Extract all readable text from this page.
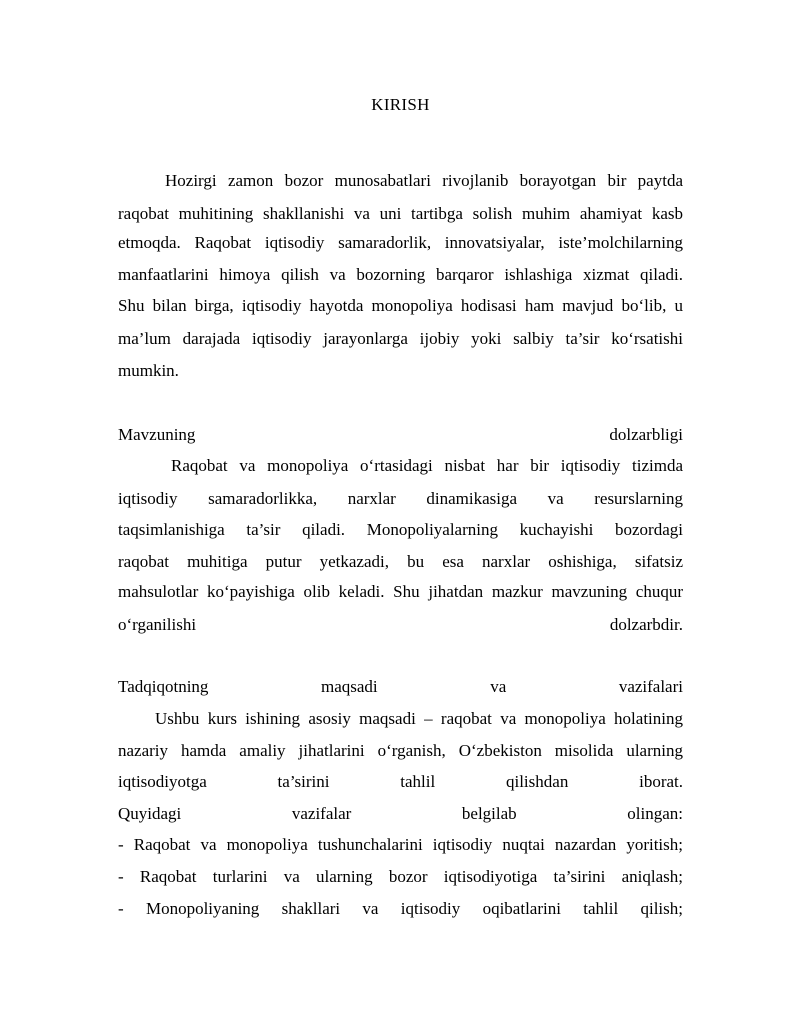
KIRISH
Hozirgi zamon bozor munosabatlari rivojlanib borayotgan bir paytda
raqobat muhitining shakllanishi va uni tartibga solish muhim ahamiyat kasb
etmoqda. Raqobat iqtisodiy samaradorlik, innovatsiyalar, iste’molchilarning
manfaatlarini himoya qilish va bozorning barqaror ishlashiga xizmat qiladi.
Shu bilan birga, iqtisodiy hayotda monopoliya hodisasi ham mavjud bo‘lib, u
ma’lum darajada iqtisodiy jarayonlarga ijobiy yoki salbiy ta’sir ko‘rsatishi
mumkin.
Mavzuning dolzarbligi
Raqobat va monopoliya o‘rtasidagi nisbat har bir iqtisodiy tizimda
iqtisodiy samaradorlikka, narxlar dinamikasiga va resurslarning
taqsimlanishiga ta’sir qiladi. Monopoliyalarning kuchayishi bozordagi
raqobat muhitiga putur yetkazadi, bu esa narxlar oshishiga, sifatsiz
mahsulotlar ko‘payishiga olib keladi. Shu jihatdan mazkur mavzuning chuqur
o‘rganilishi dolzarbdir.
Tadqiqotning maqsadi va vazifalari
Ushbu kurs ishining asosiy maqsadi – raqobat va monopoliya holatining
nazariy hamda amaliy jihatlarini o‘rganish, O‘zbekiston misolida ularning
iqtisodiyotga ta’sirini tahlil qilishdan iborat.
Quyidagi vazifalar belgilab olingan:
- Raqobat va monopoliya tushunchalarini iqtisodiy nuqtai nazardan yoritish;
- Raqobat turlarini va ularning bozor iqtisodiyotiga ta’sirini aniqlash;
- Monopoliyaning shakllari va iqtisodiy oqibatlarini tahlil qilish;
